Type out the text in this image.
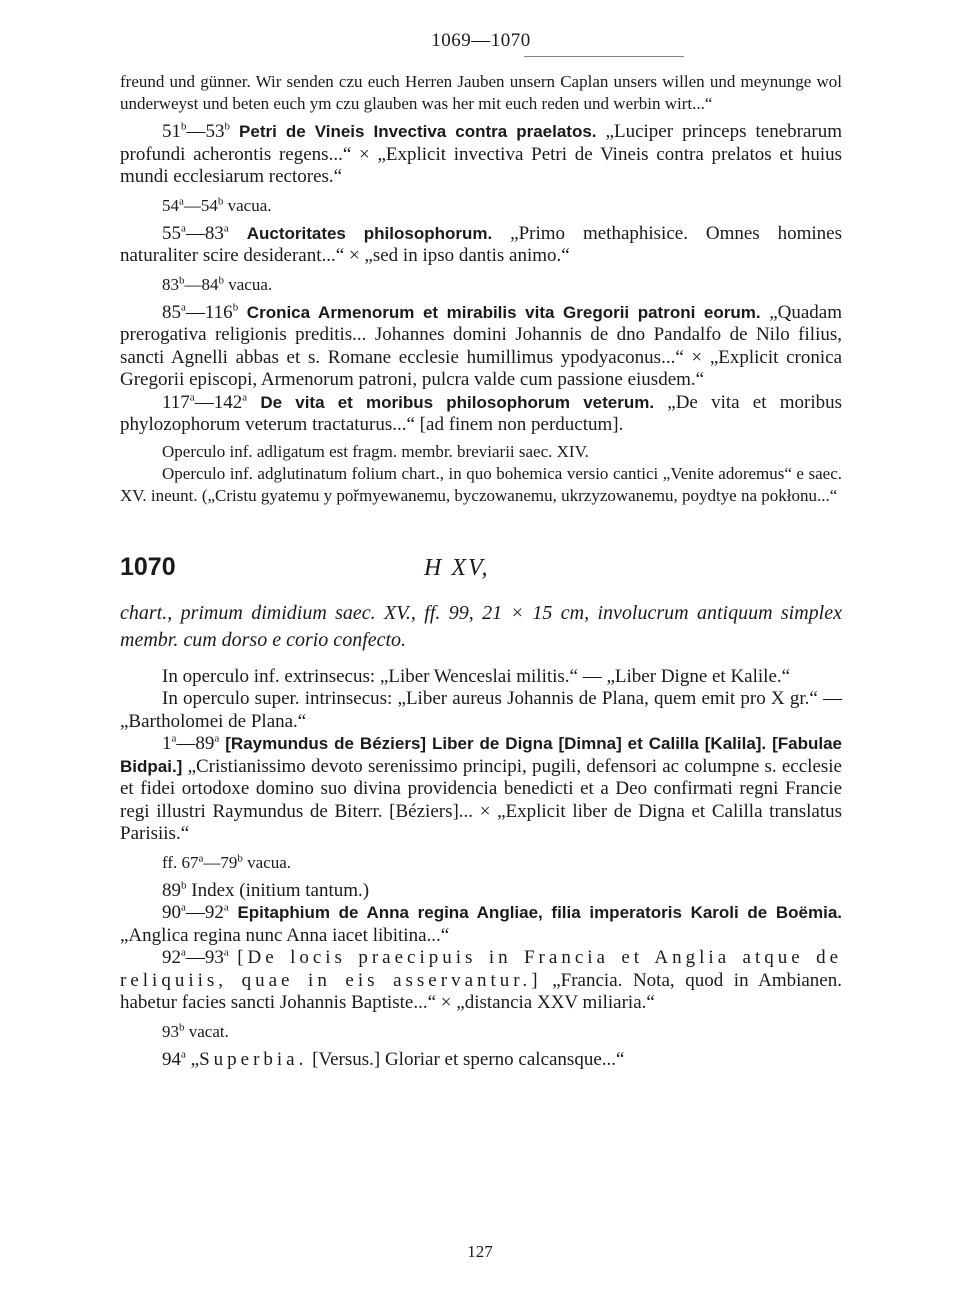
1069—1070

freund und günner. Wir senden czu euch Herren Jauben unsern Caplan unsers willen und meynunge wol underweyst und beten euch ym czu glauben was her mit euch reden und werbin wirt...“

51$^b$—53$^b$ Petri de Vineis Invectiva contra praelatos. „Luciper princeps tenebrarum profundi acherontis regens...“ × „Explicit invectiva Petri de Vineis contra prelatos et huius mundi ecclesiarum rectores.“

54$^a$—54$^b$ vacua.

55$^a$—83$^a$ Auctoritates philosophorum. „Primo methaphisice. Omnes homines naturaliter scire desiderant...“ × „sed in ipso dantis animo.“

83$^b$—84$^b$ vacua.

85$^a$—116$^b$ Cronica Armenorum et mirabilis vita Gregorii patroni eorum. „Quadam prerogativa religionis preditis... Johannes domini Johannis de dno Pandalfo de Nilo filius, sancti Agnelli abbas et s. Romane ecclesie humillimus ypodyaconus...“ × „Explicit cronica Gregorii episcopi, Armenorum patroni, pulcra valde cum passione eiusdem.“

117$^a$—142$^a$ De vita et moribus philosophorum veterum. „De vita et moribus phylozophorum veterum tractaturus...“ [ad finem non perductum].

Operculo inf. adligatum est fragm. membr. breviarii saec. XIV.

Operculo inf. adglutinatum folium chart., in quo bohemica versio cantici „Venite adoremus“ e saec. XV. ineunt. („Cristu gyatemu y pořmyewanemu, byczowanemu, ukrzyzowanemu, poydtye na pokłonu...“

1070	H XV,

chart., primum dimidium saec. XV., ff. 99, 21 × 15 cm, involucrum antiquum simplex membr. cum dorso e corio confecto.

In operculo inf. extrinsecus: „Liber Wenceslai militis.“ — „Liber Digne et Kalile.“

In operculo super. intrinsecus: „Liber aureus Johannis de Plana, quem emit pro X gr.“ — „Bartholomei de Plana.“

1$^a$—89$^a$ [Raymundus de Béziers] Liber de Digna [Dimna] et Calilla [Kalila]. [Fabulae Bidpai.] „Cristianissimo devoto serenissimo principi, pugili, defensori ac columpne s. ecclesie et fidei ortodoxe domino suo divina providencia benedicti et a Deo confirmati regni Francie regi illustri Raymundus de Biterr. [Béziers]... × „Explicit liber de Digna et Calilla translatus Parisiis.“

ff. 67$^a$—79$^b$ vacua.

89$^b$ Index (initium tantum.)

90$^a$—92$^a$ Epitaphium de Anna regina Angliae, filia imperatoris Karoli de Boëmia. „Anglica regina nunc Anna iacet libitina...“

92$^a$—93$^a$ [De locis praecipuis in Francia et Anglia atque de reliquiis, quae in eis asservantur.] „Francia. Nota, quod in Ambianen. habetur facies sancti Johannis Baptiste...“ × „distancia XXV miliaria.“

93$^b$ vacat.

94$^a$ „Superbia. [Versus.] Gloriar et sperno calcansque...“

127
